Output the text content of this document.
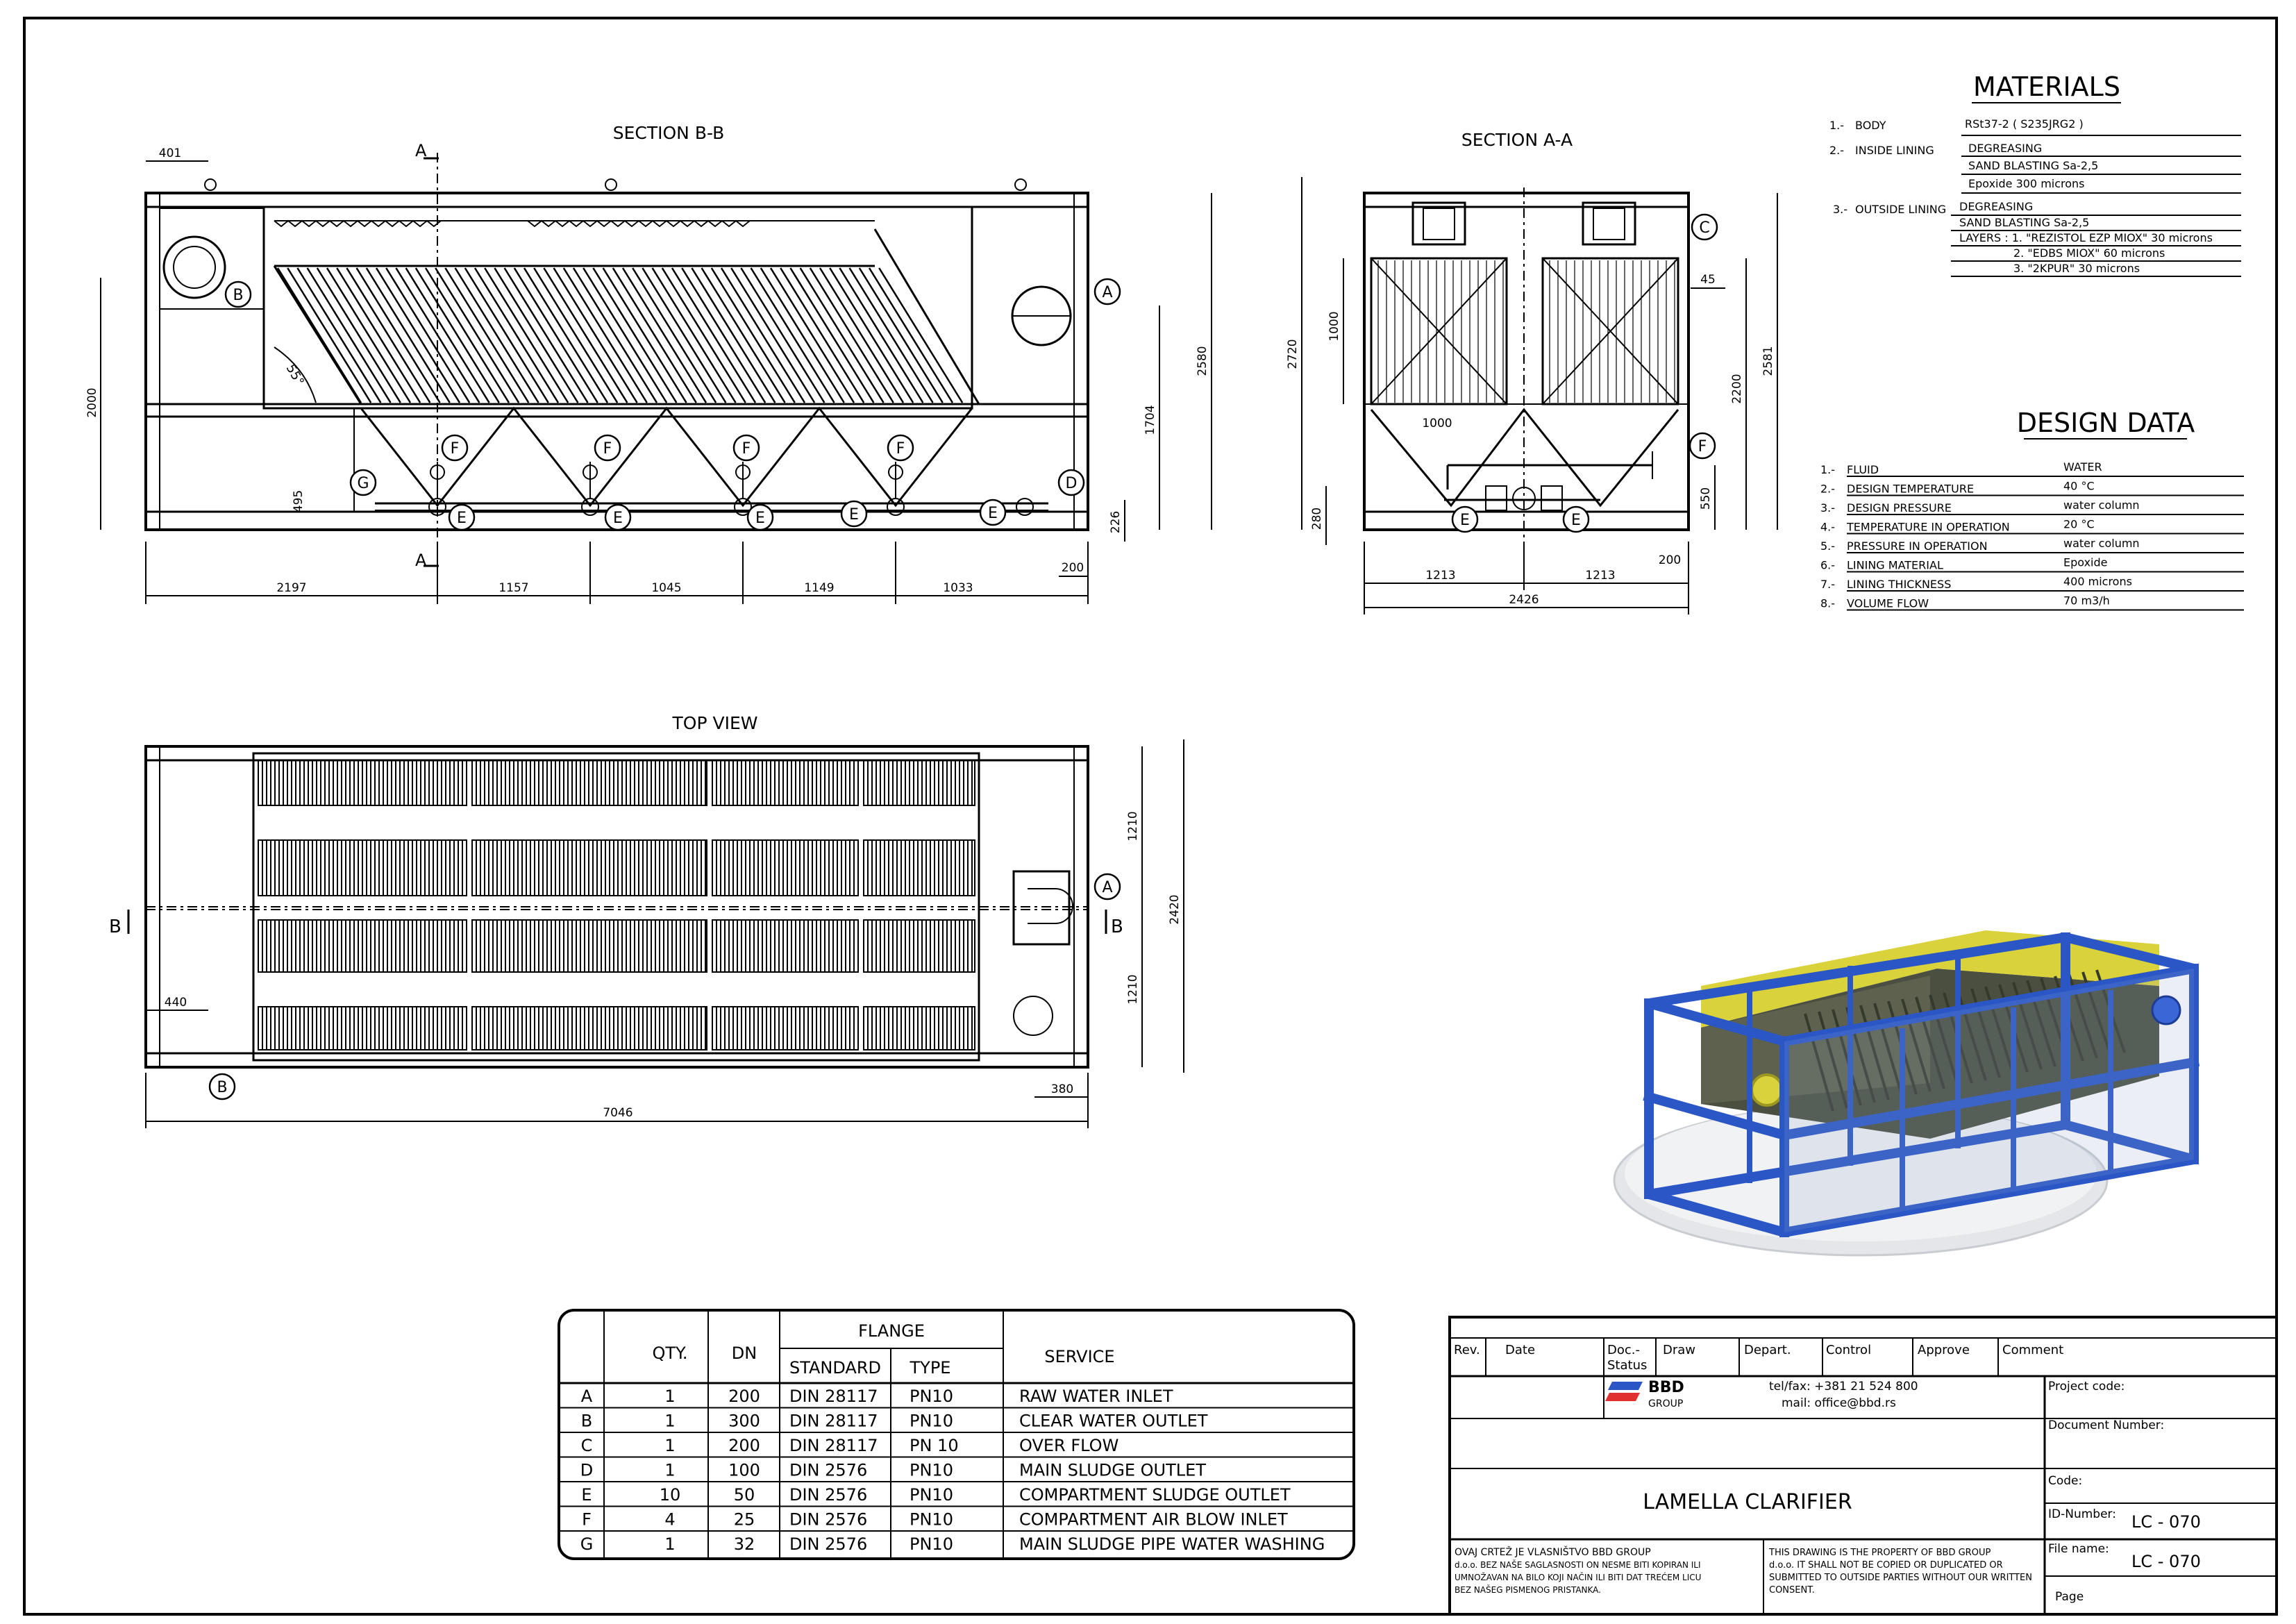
SECTION B-B
A
A
2197	1157	1045	1149	1033
401
2000
2580
1704
226
200
495
55°
SECTION A-A
2720
1000
280
1000
45
2200
2581
550
200
1213	1213
2426
TOP VIEW
B	B
7046
1210
1210
2420
440
380
A
B
C
D
E	E	E	E	E	E	E
F	F	F	F	F
G
A
B
MATERIALS
1.- BODY	RSt37-2 ( S235JRG2 )
2.- INSIDE LINING	DEGREASING
SAND BLASTING Sa-2,5
Epoxide 300 microns
3.- OUTSIDE LINING DEGREASING
SAND BLASTING Sa-2,5
LAYERS : 1. "REZISTOL EZP MIOX" 30 microns
2. "EDBS MIOX" 60 microns
3. "2KPUR" 30 microns
DESIGN DATA
1.- FLUID	WATER
2.- DESIGN TEMPERATURE	40 °C
3.- DESIGN PRESSURE	water column
4.- TEMPERATURE IN OPERATION	20 °C
5.- PRESSURE IN OPERATION	water column
6.- LINING MATERIAL	Epoxide
7.- LINING THICKNESS	400 microns
8.- VOLUME FLOW	70 m3/h
QTY.	DN
FLANGE
STANDARD TYPE
SERVICE
A	1	200 DIN 28117 PN10	RAW WATER INLET
B	1	300 DIN 28117 PN10	CLEAR WATER OUTLET
C	1	200 DIN 28117 PN 10	OVER FLOW
D	1	100 DIN 2576	PN10	MAIN SLUDGE OUTLET
E	10	50 DIN 2576	PN10	COMPARTMENT SLUDGE OUTLET
F	4	25 DIN 2576	PN10	COMPARTMENT AIR BLOW INLET
G	1	32 DIN 2576	PN10	MAIN SLUDGE PIPE WATER WASHING
Rev. Date	Doc.-
Status
Draw	Depart.	Control	Approve	Comment
BBD
GROUP
tel/fax: +381 21 524 800
mail: office@bbd.rs
Project code:
Document Number:
Code:
ID-Number: LC - 070
File name:
LC - 070
Page
LAMELLA CLARIFIER
OVAJ CRTEŽ JE VLASNIŠTVO BBD GROUP
d.o.o. BEZ NAŠE SAGLASNOSTI ON NESME BITI KOPIRAN ILI
UMNOŽAVAN NA BILO KOJI NAČIN ILI BITI DAT TREĆEM LICU
BEZ NAŠEG PISMENOG PRISTANKA.
THIS DRAWING IS THE PROPERTY OF BBD GROUP
d.o.o. IT SHALL NOT BE COPIED OR DUPLICATED OR
SUBMITTED TO OUTSIDE PARTIES WITHOUT OUR WRITTEN
CONSENT.
